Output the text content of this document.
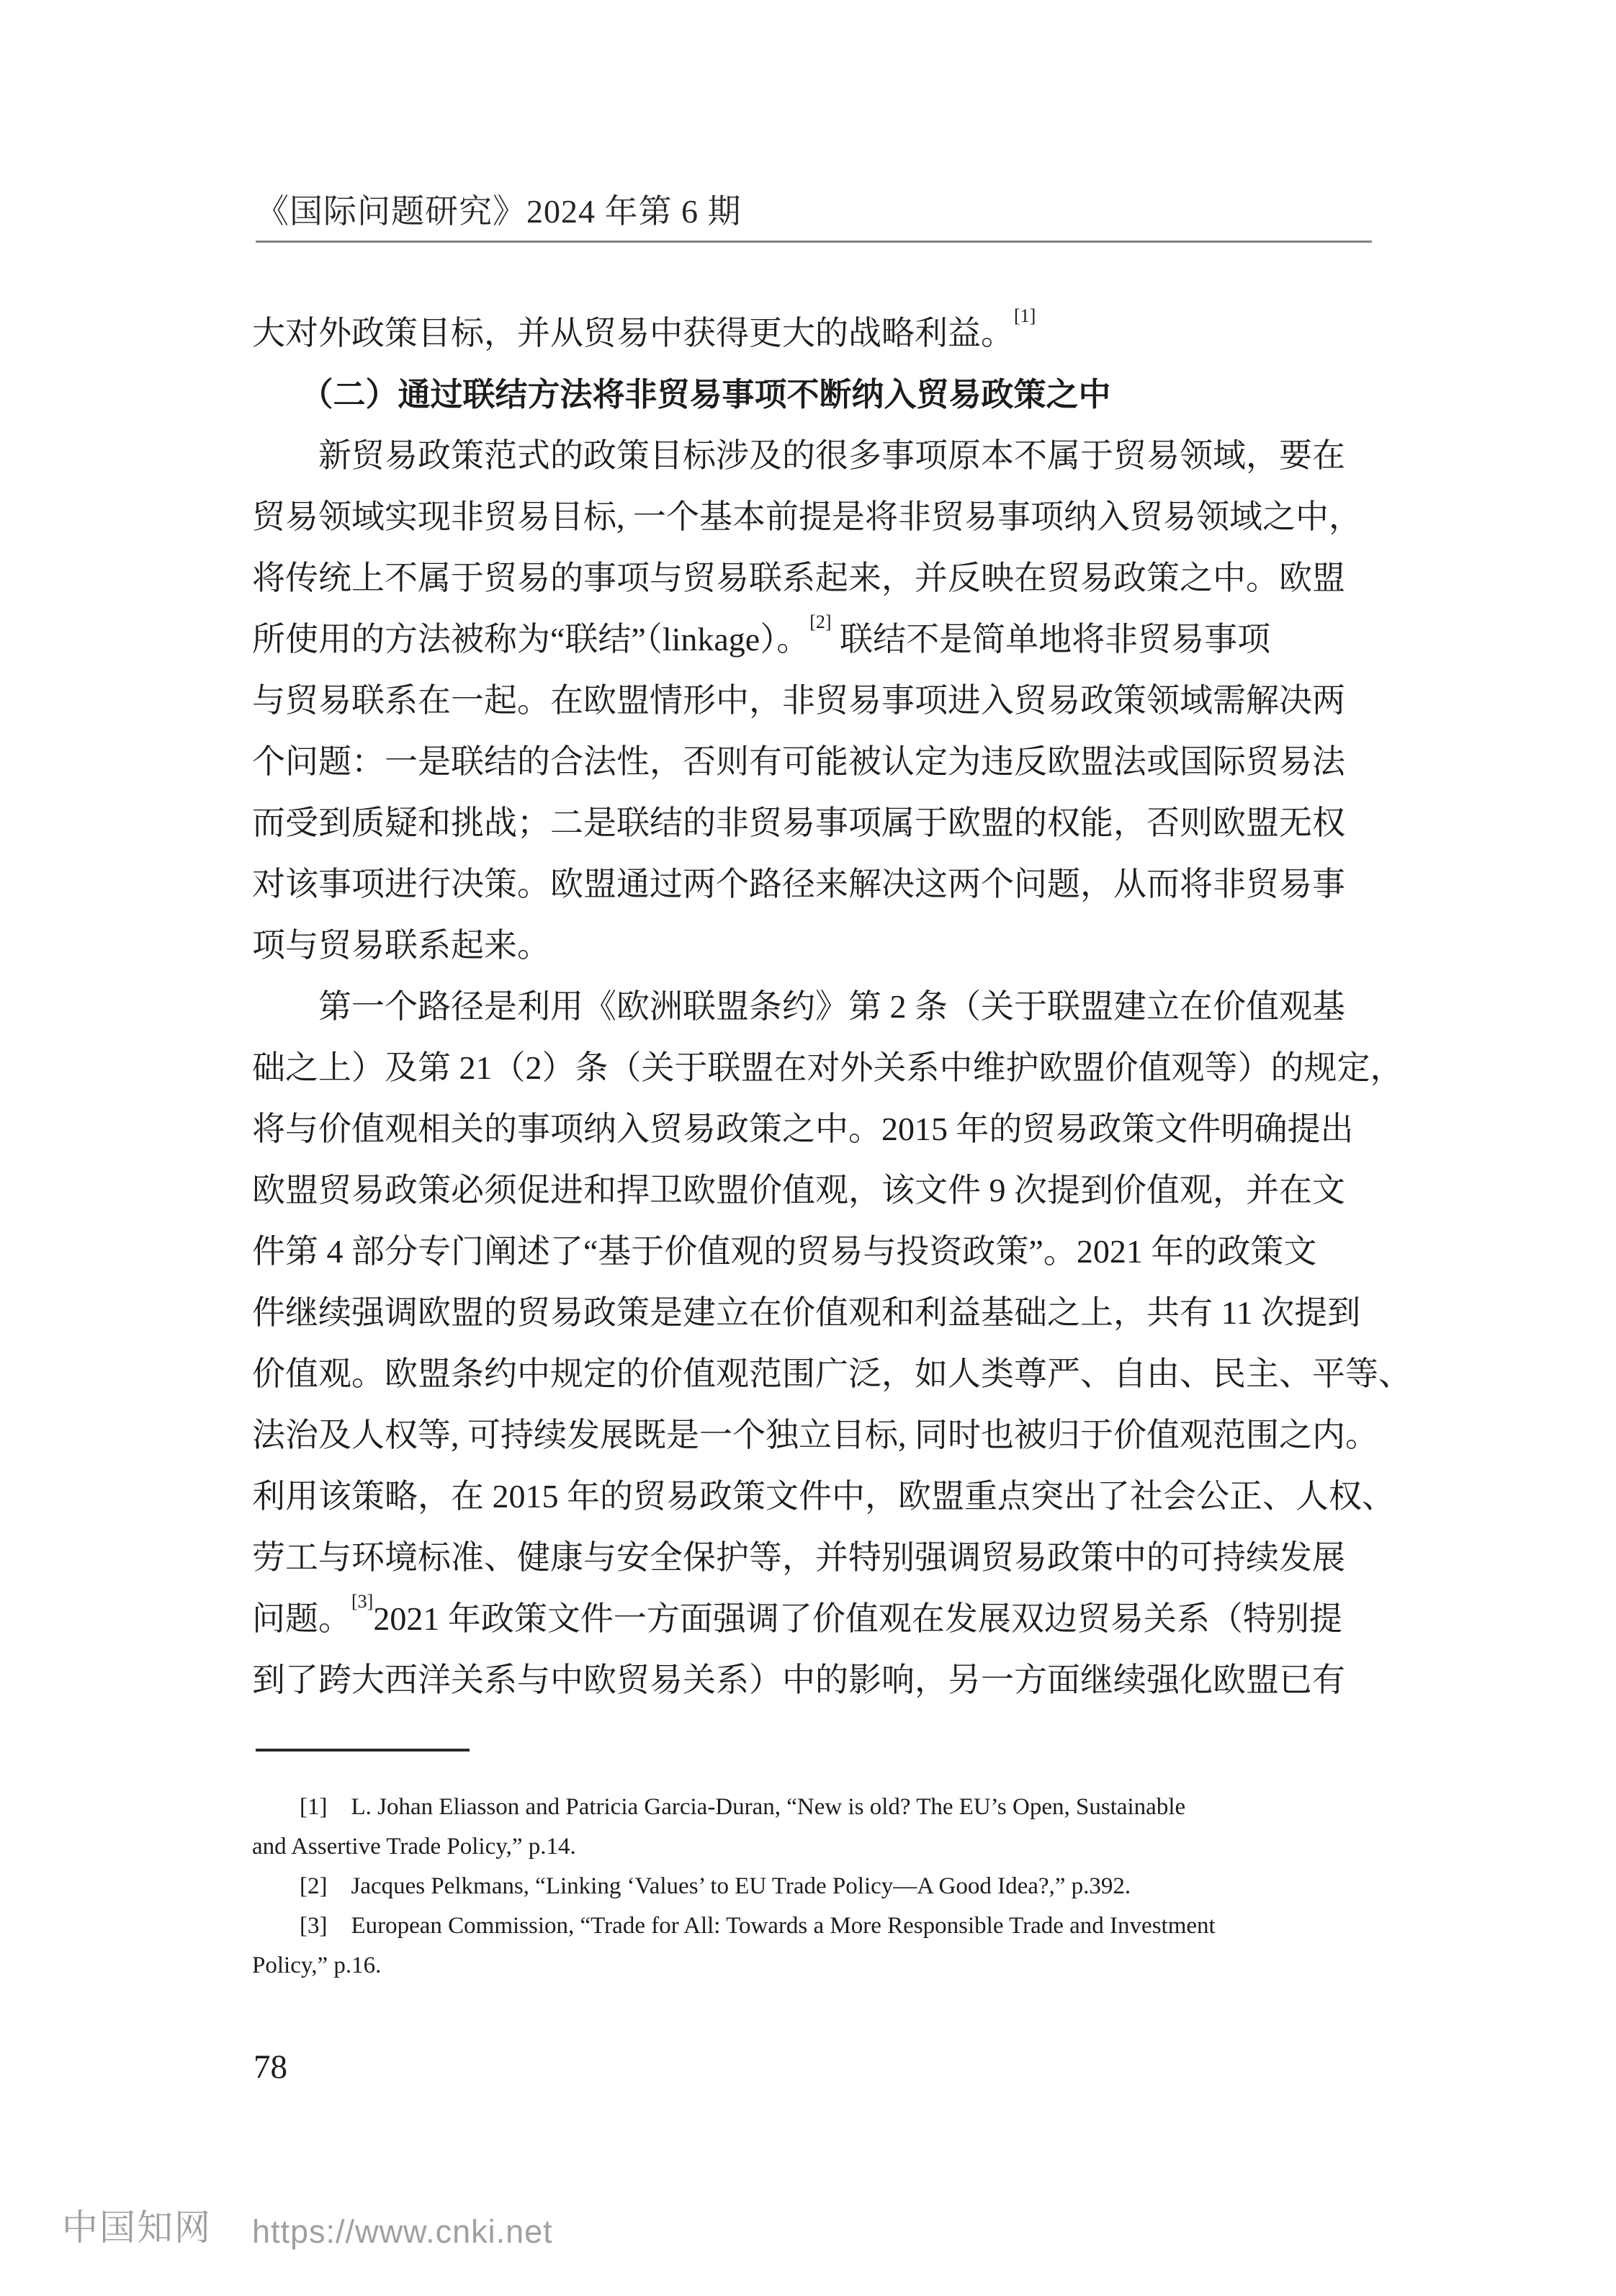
《国际问题研究》2024 年第 6 期
大对外政策目标，并从贸易中获得更大的战略利益。[1]
　　（二）通过联结方法将非贸易事项不断纳入贸易政策之中
　　新贸易政策范式的政策目标涉及的很多事项原本不属于贸易领域，要在
贸易领域实现非贸易目标, 一个基本前提是将非贸易事项纳入贸易领域之中，
将传统上不属于贸易的事项与贸易联系起来，并反映在贸易政策之中。欧盟
所使用的方法被称为“联结”（linkage）。[2] 联结不是简单地将非贸易事项
与贸易联系在一起。在欧盟情形中，非贸易事项进入贸易政策领域需解决两
个问题：一是联结的合法性，否则有可能被认定为违反欧盟法或国际贸易法
而受到质疑和挑战；二是联结的非贸易事项属于欧盟的权能，否则欧盟无权
对该事项进行决策。欧盟通过两个路径来解决这两个问题，从而将非贸易事
项与贸易联系起来。
　　第一个路径是利用《欧洲联盟条约》第 2 条（关于联盟建立在价值观基
础之上）及第 21（2）条（关于联盟在对外关系中维护欧盟价值观等）的规定，
将与价值观相关的事项纳入贸易政策之中。2015 年的贸易政策文件明确提出
欧盟贸易政策必须促进和捍卫欧盟价值观，该文件 9 次提到价值观，并在文
件第 4 部分专门阐述了“基于价值观的贸易与投资政策”。2021 年的政策文
件继续强调欧盟的贸易政策是建立在价值观和利益基础之上，共有 11 次提到
价值观。欧盟条约中规定的价值观范围广泛，如人类尊严、自由、民主、平等、
法治及人权等, 可持续发展既是一个独立目标, 同时也被归于价值观范围之内。
利用该策略，在 2015 年的贸易政策文件中，欧盟重点突出了社会公正、人权、
劳工与环境标准、健康与安全保护等，并特别强调贸易政策中的可持续发展
问题。[3]2021 年政策文件一方面强调了价值观在发展双边贸易关系（特别提
到了跨大西洋关系与中欧贸易关系）中的影响，另一方面继续强化欧盟已有
　　[1]　L. Johan Eliasson and Patricia Garcia-Duran, “New is old? The EU’s Open, Sustainable
and Assertive Trade Policy,” p.14.
　　[2]　Jacques Pelkmans, “Linking ‘Values’ to EU Trade Policy—A Good Idea?,” p.392.
　　[3]　European Commission, “Trade for All: Towards a More Responsible Trade and Investment
Policy,” p.16.
78
中国知网 https://www.cnki.net
